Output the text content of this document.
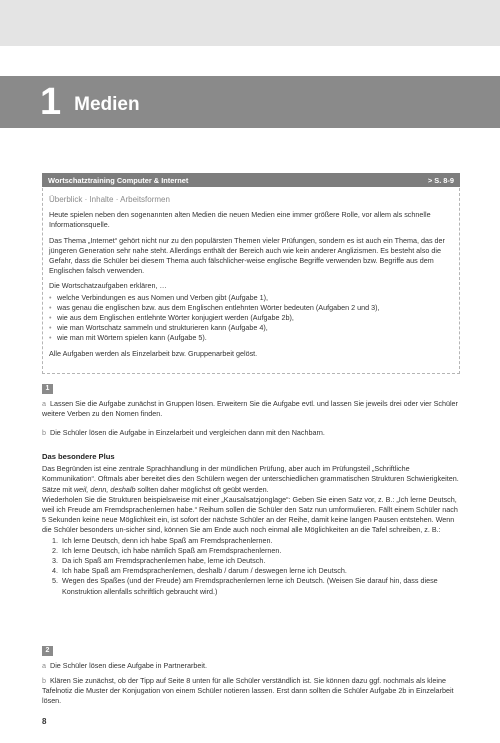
1 Medien
Wortschatztraining Computer & Internet	> S. 8-9
Überblick · Inhalte · Arbeitsformen

Heute spielen neben den sogenannten alten Medien die neuen Medien eine immer größere Rolle, vor allem als schnelle Informationsquelle.

Das Thema „Internet“ gehört nicht nur zu den populärsten Themen vieler Prüfungen, sondern es ist auch ein Thema, das der jüngeren Generation sehr nahe steht. Allerdings enthält der Bereich auch wie kein anderer Anglizismen. Es besteht also die Gefahr, dass die Schüler bei diesem Thema auch fälschlicher-weise englische Begriffe verwenden bzw. Begriffe aus dem Englischen falsch verwenden.

Die Wortschatzaufgaben erklären, …

• welche Verbindungen es aus Nomen und Verben gibt (Aufgabe 1),
• was genau die englischen bzw. aus dem Englischen entlehnten Wörter bedeuten (Aufgaben 2 und 3),
• wie aus dem Englischen entlehnte Wörter konjugiert werden (Aufgabe 2b),
• wie man Wortschatz sammeln und strukturieren kann (Aufgabe 4),
• wie man mit Wörtern spielen kann (Aufgabe 5).

Alle Aufgaben werden als Einzelarbeit bzw. Gruppenarbeit gelöst.

1

a Lassen Sie die Aufgabe zunächst in Gruppen lösen. Erweitern Sie die Aufgabe evtl. und lassen Sie jeweils drei oder vier Schüler weitere Verben zu den Nomen finden.

b Die Schüler lösen die Aufgabe in Einzelarbeit und vergleichen dann mit den Nachbarn.

Das besondere Plus

Das Begründen ist eine zentrale Sprachhandlung in der mündlichen Prüfung, aber auch im Prüfungsteil „Schriftliche Kommunikation“. Oftmals aber bereitet dies den Schülern wegen der unterschiedlichen grammatischen Strukturen Schwierigkeiten. Sätze mit weil, denn, deshalb sollten daher möglichst oft geübt werden.

Wiederholen Sie die Strukturen beispielsweise mit einer „Kausalsatzjonglage“: Geben Sie einen Satz vor, z. B.: „Ich lerne Deutsch, weil ich Freude am Fremdsprachenlernen habe.“ Reihum sollen die Schüler den Satz nun umformulieren. Fällt einem Schüler nach 5 Sekunden keine neue Möglichkeit ein, ist sofort der nächste Schüler an der Reihe, damit keine langen Pausen entstehen. Wenn die Schüler besonders un-sicher sind, können Sie am Ende auch noch einmal alle Möglichkeiten an die Tafel schreiben, z. B.:

1. Ich lerne Deutsch, denn ich habe Spaß am Fremdsprachenlernen.
2. Ich lerne Deutsch, ich habe nämlich Spaß am Fremdsprachenlernen.
3. Da ich Spaß am Fremdsprachenlernen habe, lerne ich Deutsch.
4. Ich habe Spaß am Fremdsprachenlernen, deshalb / darum / deswegen lerne ich Deutsch.
5. Wegen des Spaßes (und der Freude) am Fremdsprachenlernen lerne ich Deutsch. (Weisen Sie darauf hin, dass diese Konstruktion allenfalls schriftlich gebraucht wird.)
2

a Die Schüler lösen diese Aufgabe in Partnerarbeit.

b Klären Sie zunächst, ob der Tipp auf Seite 8 unten für alle Schüler verständlich ist. Sie können dazu ggf. nochmals als kleine Tafelnotiz die Muster der Konjugation von einem Schüler notieren lassen. Erst dann sollten die Schüler Aufgabe 2b in Einzelarbeit lösen.

8
